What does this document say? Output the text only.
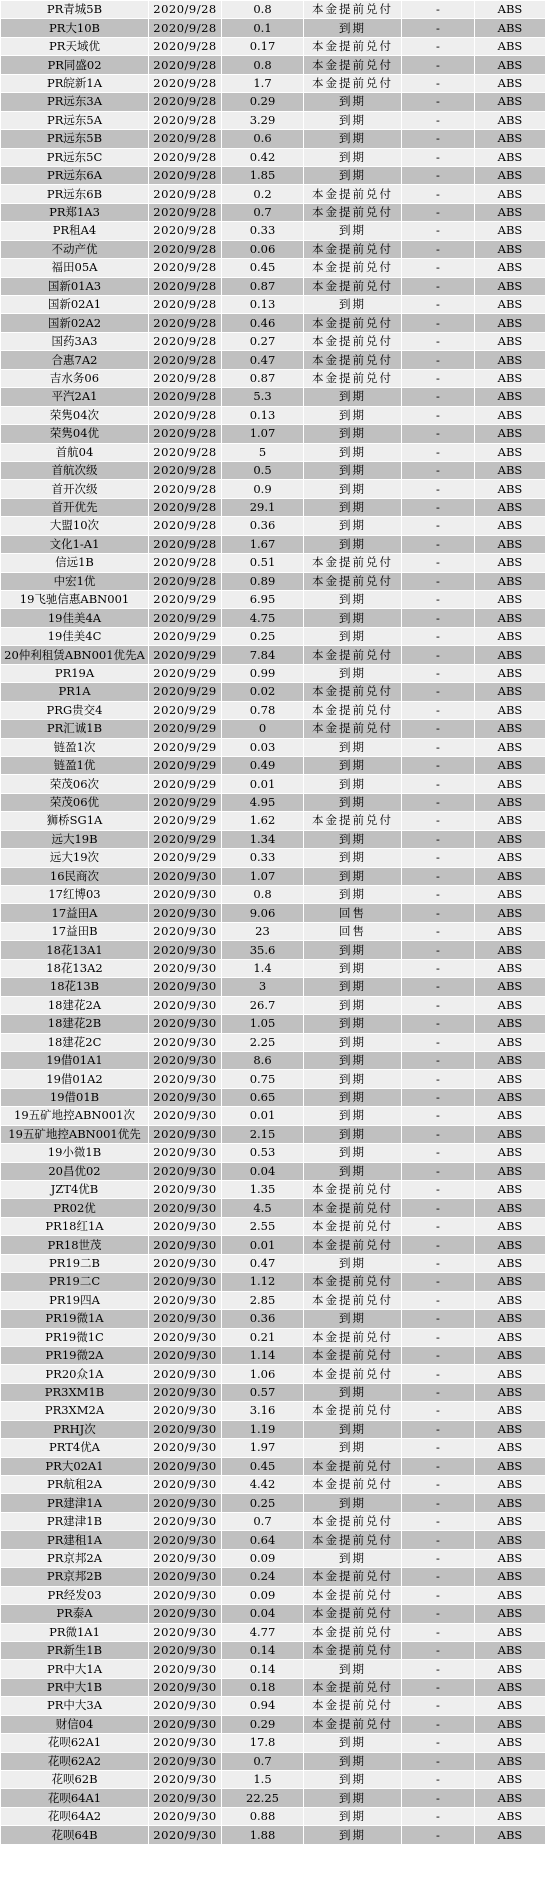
PR青城5B	2020/9/28	0.8	本金提前兑付	-	ABS
PR大10B	2020/9/28	0.1	到期	-	ABS
PR天域优	2020/9/28	0.17	本金提前兑付	-	ABS
PR同盛02	2020/9/28	0.8	本金提前兑付	-	ABS
PR皖新1A	2020/9/28	1.7	本金提前兑付	-	ABS
PR远东3A	2020/9/28	0.29	到期	-	ABS
PR远东5A	2020/9/28	3.29	到期	-	ABS
PR远东5B	2020/9/28	0.6	到期	-	ABS
PR远东5C	2020/9/28	0.42	到期	-	ABS
PR远东6A	2020/9/28	1.85	到期	-	ABS
PR远东6B	2020/9/28	0.2	本金提前兑付	-	ABS
PR郑1A3	2020/9/28	0.7	本金提前兑付	-	ABS
PR租A4	2020/9/28	0.33	到期	-	ABS
不动产优	2020/9/28	0.06	本金提前兑付	-	ABS
福田05A	2020/9/28	0.45	本金提前兑付	-	ABS
国新01A3	2020/9/28	0.87	本金提前兑付	-	ABS
国新02A1	2020/9/28	0.13	到期	-	ABS
国新02A2	2020/9/28	0.46	本金提前兑付	-	ABS
国药3A3	2020/9/28	0.27	本金提前兑付	-	ABS
合惠7A2	2020/9/28	0.47	本金提前兑付	-	ABS
吉水务06	2020/9/28	0.87	本金提前兑付	-	ABS
平汽2A1	2020/9/28	5.3	到期	-	ABS
荣隽04次	2020/9/28	0.13	到期	-	ABS
荣隽04优	2020/9/28	1.07	到期	-	ABS
首航04	2020/9/28	5	到期	-	ABS
首航次级	2020/9/28	0.5	到期	-	ABS
首开次级	2020/9/28	0.9	到期	-	ABS
首开优先	2020/9/28	29.1	到期	-	ABS
大盟10次	2020/9/28	0.36	到期	-	ABS
文化1-A1	2020/9/28	1.67	到期	-	ABS
信远1B	2020/9/28	0.51	本金提前兑付	-	ABS
中宏1优	2020/9/28	0.89	本金提前兑付	-	ABS
19飞驰信惠ABN001	2020/9/29	6.95	到期	-	ABS
19佳美4A	2020/9/29	4.75	到期	-	ABS
19佳美4C	2020/9/29	0.25	到期	-	ABS
20仲利租赁ABN001优先A	2020/9/29	7.84	本金提前兑付	-	ABS
PR19A	2020/9/29	0.99	到期	-	ABS
PR1A	2020/9/29	0.02	本金提前兑付	-	ABS
PRG贵交4	2020/9/29	0.78	本金提前兑付	-	ABS
PR汇诚1B	2020/9/29	0	本金提前兑付	-	ABS
链盈1次	2020/9/29	0.03	到期	-	ABS
链盈1优	2020/9/29	0.49	到期	-	ABS
荣茂06次	2020/9/29	0.01	到期	-	ABS
荣茂06优	2020/9/29	4.95	到期	-	ABS
狮桥SG1A	2020/9/29	1.62	本金提前兑付	-	ABS
远大19B	2020/9/29	1.34	到期	-	ABS
远大19次	2020/9/29	0.33	到期	-	ABS
16民商次	2020/9/30	1.07	到期	-	ABS
17红博03	2020/9/30	0.8	到期	-	ABS
17益田A	2020/9/30	9.06	回售	-	ABS
17益田B	2020/9/30	23	回售	-	ABS
18花13A1	2020/9/30	35.6	到期	-	ABS
18花13A2	2020/9/30	1.4	到期	-	ABS
18花13B	2020/9/30	3	到期	-	ABS
18建花2A	2020/9/30	26.7	到期	-	ABS
18建花2B	2020/9/30	1.05	到期	-	ABS
18建花2C	2020/9/30	2.25	到期	-	ABS
19借01A1	2020/9/30	8.6	到期	-	ABS
19借01A2	2020/9/30	0.75	到期	-	ABS
19借01B	2020/9/30	0.65	到期	-	ABS
19五矿地控ABN001次	2020/9/30	0.01	到期	-	ABS
19五矿地控ABN001优先	2020/9/30	2.15	到期	-	ABS
19小微1B	2020/9/30	0.53	到期	-	ABS
20昌优02	2020/9/30	0.04	到期	-	ABS
JZT4优B	2020/9/30	1.35	本金提前兑付	-	ABS
PR02优	2020/9/30	4.5	本金提前兑付	-	ABS
PR18红1A	2020/9/30	2.55	本金提前兑付	-	ABS
PR18世茂	2020/9/30	0.01	本金提前兑付	-	ABS
PR19二B	2020/9/30	0.47	到期	-	ABS
PR19二C	2020/9/30	1.12	本金提前兑付	-	ABS
PR19四A	2020/9/30	2.85	本金提前兑付	-	ABS
PR19微1A	2020/9/30	0.36	到期	-	ABS
PR19微1C	2020/9/30	0.21	本金提前兑付	-	ABS
PR19微2A	2020/9/30	1.14	本金提前兑付	-	ABS
PR20众1A	2020/9/30	1.06	本金提前兑付	-	ABS
PR3XM1B	2020/9/30	0.57	到期	-	ABS
PR3XM2A	2020/9/30	3.16	本金提前兑付	-	ABS
PRHJ次	2020/9/30	1.19	到期	-	ABS
PRT4优A	2020/9/30	1.97	到期	-	ABS
PR大02A1	2020/9/30	0.45	本金提前兑付	-	ABS
PR航租2A	2020/9/30	4.42	本金提前兑付	-	ABS
PR建津1A	2020/9/30	0.25	到期	-	ABS
PR建津1B	2020/9/30	0.7	本金提前兑付	-	ABS
PR建租1A	2020/9/30	0.64	本金提前兑付	-	ABS
PR京邦2A	2020/9/30	0.09	到期	-	ABS
PR京邦2B	2020/9/30	0.24	本金提前兑付	-	ABS
PR经发03	2020/9/30	0.09	本金提前兑付	-	ABS
PR泰A	2020/9/30	0.04	本金提前兑付	-	ABS
PR微1A1	2020/9/30	4.77	本金提前兑付	-	ABS
PR新生1B	2020/9/30	0.14	本金提前兑付	-	ABS
PR中大1A	2020/9/30	0.14	到期	-	ABS
PR中大1B	2020/9/30	0.18	本金提前兑付	-	ABS
PR中大3A	2020/9/30	0.94	本金提前兑付	-	ABS
财信04	2020/9/30	0.29	本金提前兑付	-	ABS
花呗62A1	2020/9/30	17.8	到期	-	ABS
花呗62A2	2020/9/30	0.7	到期	-	ABS
花呗62B	2020/9/30	1.5	到期	-	ABS
花呗64A1	2020/9/30	22.25	到期	-	ABS
花呗64A2	2020/9/30	0.88	到期	-	ABS
花呗64B	2020/9/30	1.88	到期	-	ABS
